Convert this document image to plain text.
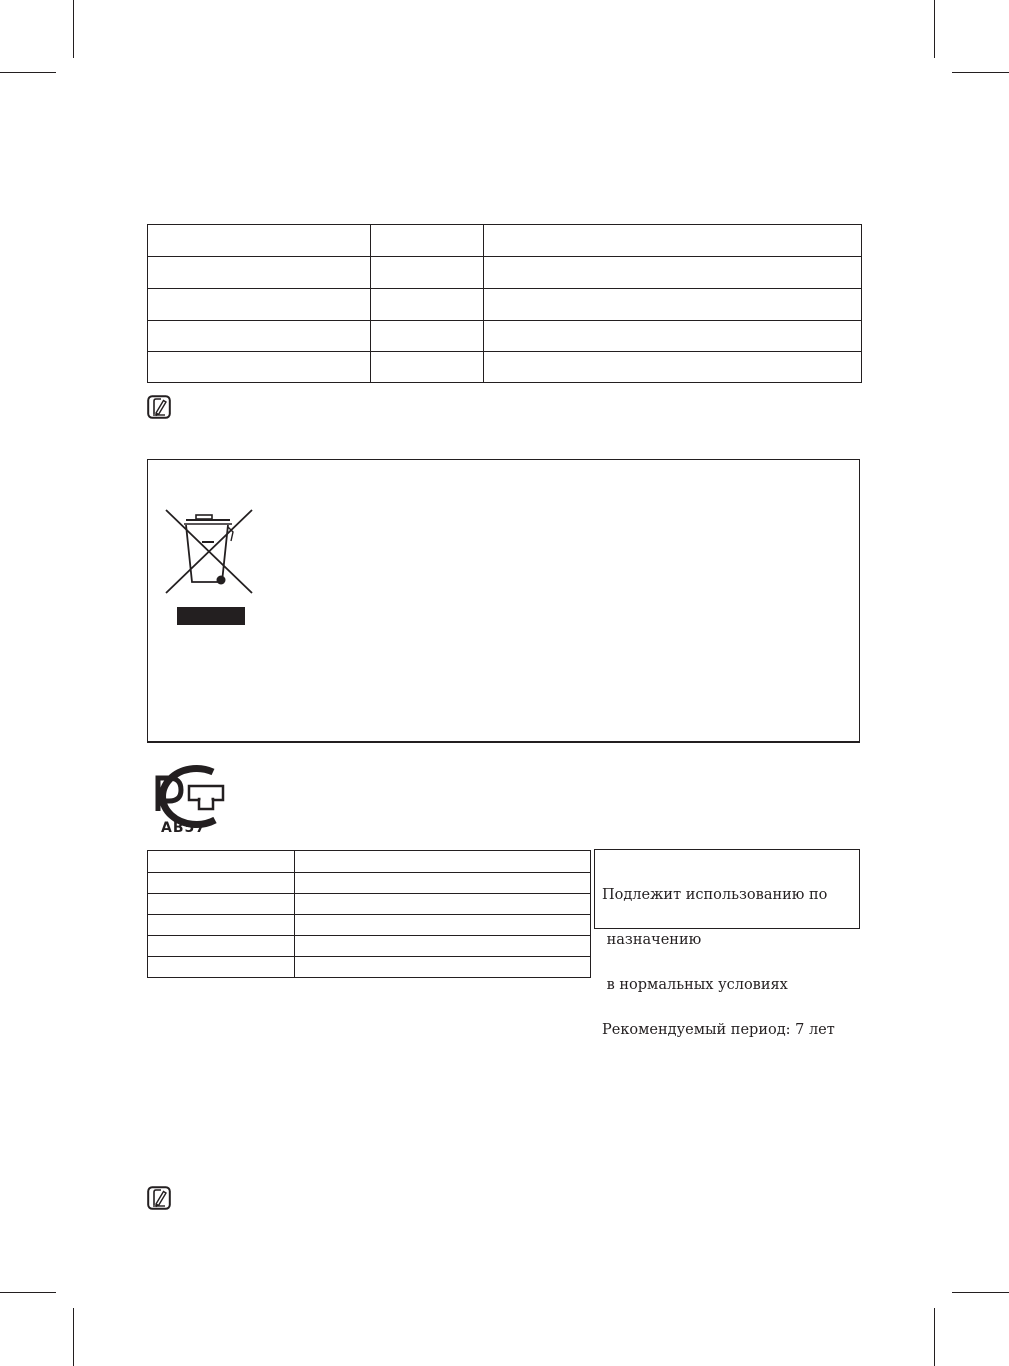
AB57

Подлежит использованию по

назначению

в нормальных условиях

Рекомендуемый период: 7 лет
